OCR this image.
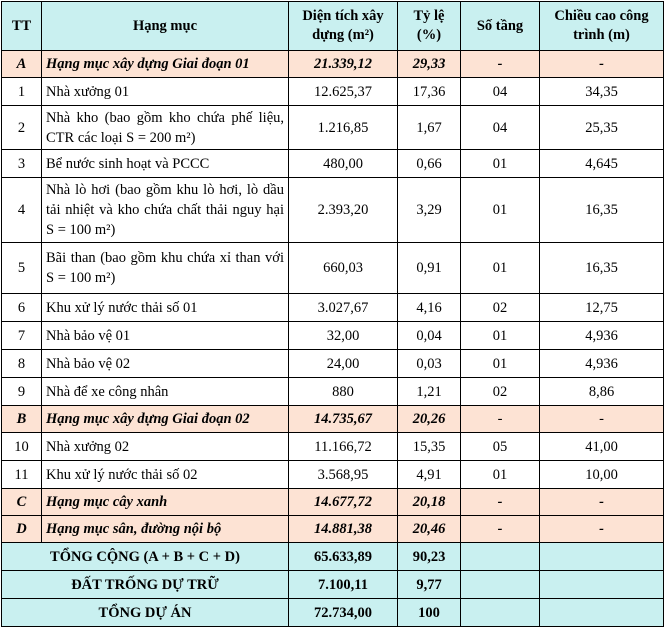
TT	Hạng mục	Diện tích xây dựng (m²)	Tỷ lệ (%)	Số tầng	Chiều cao công trình (m)
A	Hạng mục xây dựng Giai đoạn 01	21.339,12	29,33	-	-
1	Nhà xưởng 01	12.625,37	17,36	04	34,35
2	Nhà kho (bao gồm kho chứa phế liệu, CTR các loại S = 200 m²)	1.216,85	1,67	04	25,35
3	Bể nước sinh hoạt và PCCC	480,00	0,66	01	4,645
4	Nhà lò hơi (bao gồm khu lò hơi, lò dầu tải nhiệt và kho chứa chất thải nguy hại S = 100 m²)	2.393,20	3,29	01	16,35
5	Bãi than (bao gồm khu chứa xỉ than với S = 100 m²)	660,03	0,91	01	16,35
6	Khu xử lý nước thải số 01	3.027,67	4,16	02	12,75
7	Nhà bảo vệ 01	32,00	0,04	01	4,936
8	Nhà bảo vệ 02	24,00	0,03	01	4,936
9	Nhà để xe công nhân	880	1,21	02	8,86
B	Hạng mục xây dựng Giai đoạn 02	14.735,67	20,26	-	-
10	Nhà xưởng 02	11.166,72	15,35	05	41,00
11	Khu xử lý nước thải số 02	3.568,95	4,91	01	10,00
C	Hạng mục cây xanh	14.677,72	20,18	-	-
D	Hạng mục sân, đường nội bộ	14.881,38	20,46	-	-
TỔNG CỘNG (A + B + C + D)		65.633,89	90,23		
ĐẤT TRỐNG DỰ TRỮ		7.100,11	9,77		
TỔNG DỰ ÁN		72.734,00	100		
